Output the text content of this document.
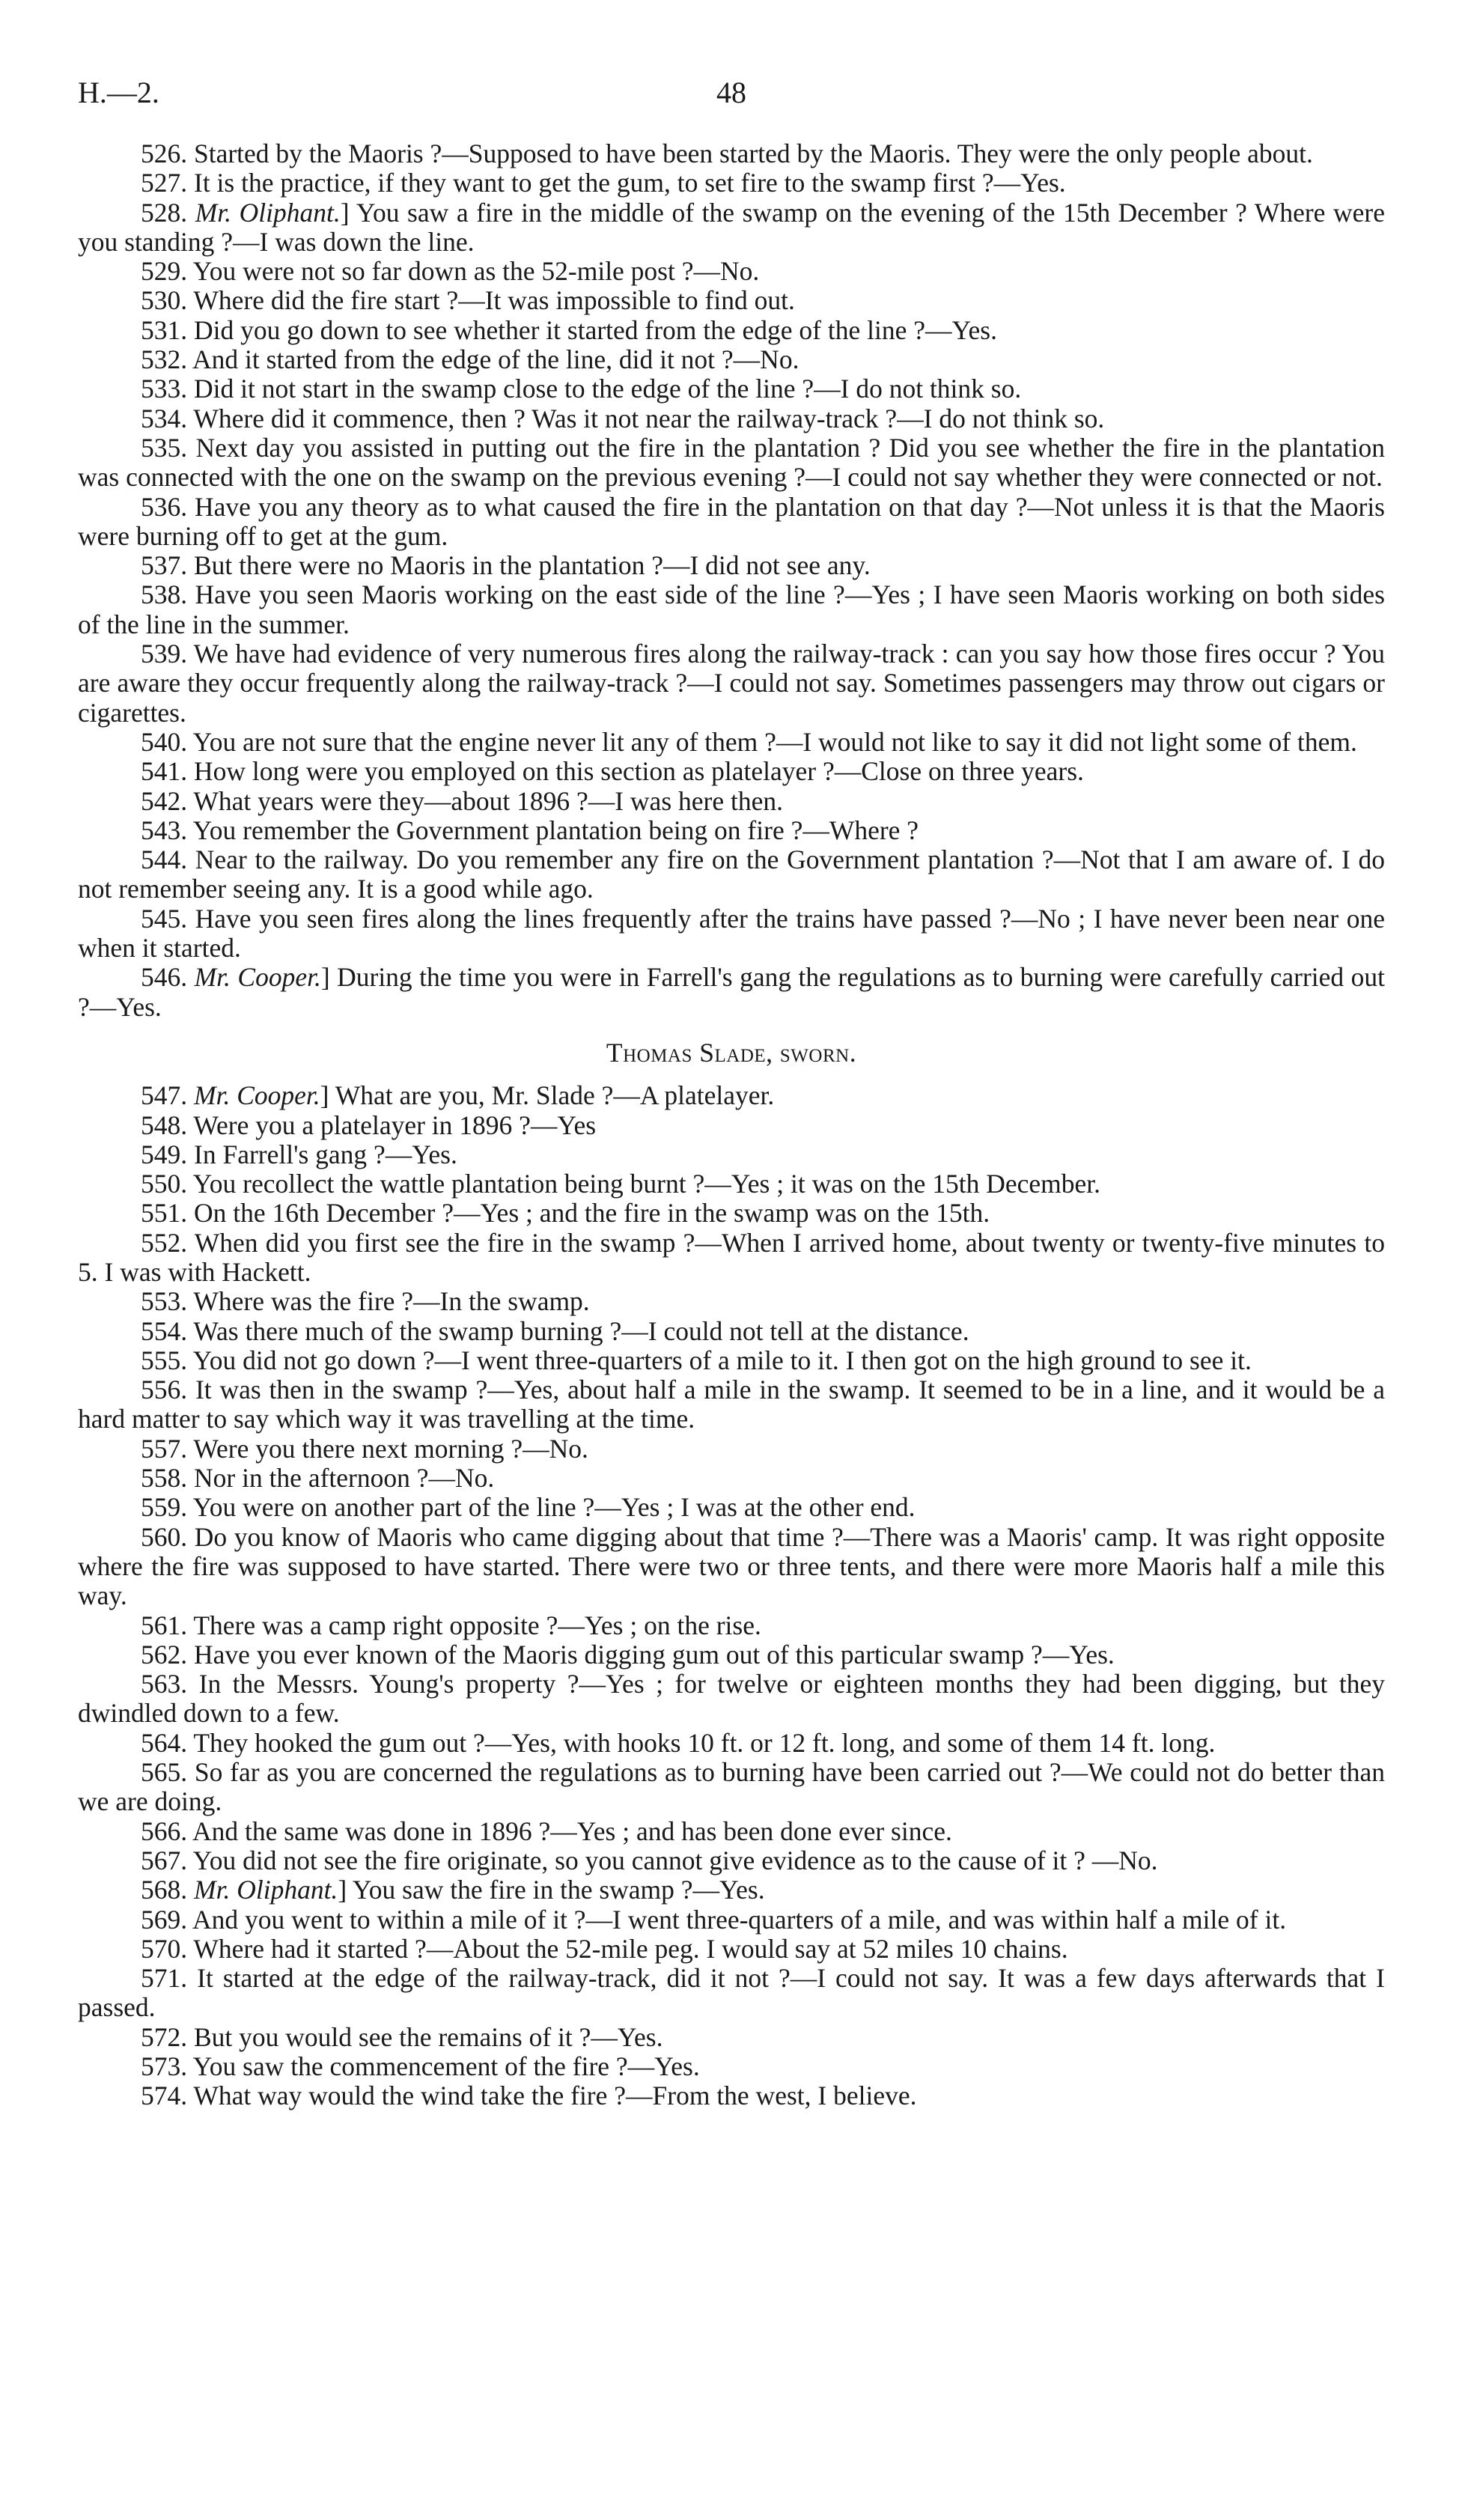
H.—2.	48

526. Started by the Maoris ?—Supposed to have been started by the Maoris. They were the only people about.

527. It is the practice, if they want to get the gum, to set fire to the swamp first ?—Yes.

528. Mr. Oliphant.] You saw a fire in the middle of the swamp on the evening of the 15th December ? Where were you standing ?—I was down the line.

529. You were not so far down as the 52-mile post ?—No.

530. Where did the fire start ?—It was impossible to find out.

531. Did you go down to see whether it started from the edge of the line ?—Yes.

532. And it started from the edge of the line, did it not ?—No.

533. Did it not start in the swamp close to the edge of the line ?—I do not think so.

534. Where did it commence, then ? Was it not near the railway-track ?—I do not think so.

535. Next day you assisted in putting out the fire in the plantation ? Did you see whether the fire in the plantation was connected with the one on the swamp on the previous evening ?—I could not say whether they were connected or not.

536. Have you any theory as to what caused the fire in the plantation on that day ?—Not unless it is that the Maoris were burning off to get at the gum.

537. But there were no Maoris in the plantation ?—I did not see any.

538. Have you seen Maoris working on the east side of the line ?—Yes ; I have seen Maoris working on both sides of the line in the summer.

539. We have had evidence of very numerous fires along the railway-track : can you say how those fires occur ? You are aware they occur frequently along the railway-track ?—I could not say. Sometimes passengers may throw out cigars or cigarettes.

540. You are not sure that the engine never lit any of them ?—I would not like to say it did not light some of them.

541. How long were you employed on this section as platelayer ?—Close on three years.

542. What years were they—about 1896 ?—I was here then.

543. You remember the Government plantation being on fire ?—Where ?

544. Near to the railway. Do you remember any fire on the Government plantation ?—Not that I am aware of. I do not remember seeing any. It is a good while ago.

545. Have you seen fires along the lines frequently after the trains have passed ?—No ; I have never been near one when it started.

546. Mr. Cooper.] During the time you were in Farrell's gang the regulations as to burning were carefully carried out ?—Yes.

Thomas Slade, sworn.

547. Mr. Cooper.] What are you, Mr. Slade ?—A platelayer.

548. Were you a platelayer in 1896 ?—Yes

549. In Farrell's gang ?—Yes.

550. You recollect the wattle plantation being burnt ?—Yes ; it was on the 15th December.

551. On the 16th December ?—Yes ; and the fire in the swamp was on the 15th.

552. When did you first see the fire in the swamp ?—When I arrived home, about twenty or twenty-five minutes to 5. I was with Hackett.

553. Where was the fire ?—In the swamp.

554. Was there much of the swamp burning ?—I could not tell at the distance.

555. You did not go down ?—I went three-quarters of a mile to it. I then got on the high ground to see it.

556. It was then in the swamp ?—Yes, about half a mile in the swamp. It seemed to be in a line, and it would be a hard matter to say which way it was travelling at the time.

557. Were you there next morning ?—No.

558. Nor in the afternoon ?—No.

559. You were on another part of the line ?—Yes ; I was at the other end.

560. Do you know of Maoris who came digging about that time ?—There was a Maoris' camp. It was right opposite where the fire was supposed to have started. There were two or three tents, and there were more Maoris half a mile this way.

561. There was a camp right opposite ?—Yes ; on the rise.

562. Have you ever known of the Maoris digging gum out of this particular swamp ?—Yes.

563. In the Messrs. Young's property ?—Yes ; for twelve or eighteen months they had been digging, but they dwindled down to a few.

564. They hooked the gum out ?—Yes, with hooks 10 ft. or 12 ft. long, and some of them 14 ft. long.

565. So far as you are concerned the regulations as to burning have been carried out ?—We could not do better than we are doing.

566. And the same was done in 1896 ?—Yes ; and has been done ever since.

567. You did not see the fire originate, so you cannot give evidence as to the cause of it ? —No.

568. Mr. Oliphant.] You saw the fire in the swamp ?—Yes.

569. And you went to within a mile of it ?—I went three-quarters of a mile, and was within half a mile of it.

570. Where had it started ?—About the 52-mile peg. I would say at 52 miles 10 chains.

571. It started at the edge of the railway-track, did it not ?—I could not say. It was a few days afterwards that I passed.

572. But you would see the remains of it ?—Yes.

573. You saw the commencement of the fire ?—Yes.

574. What way would the wind take the fire ?—From the west, I believe.
